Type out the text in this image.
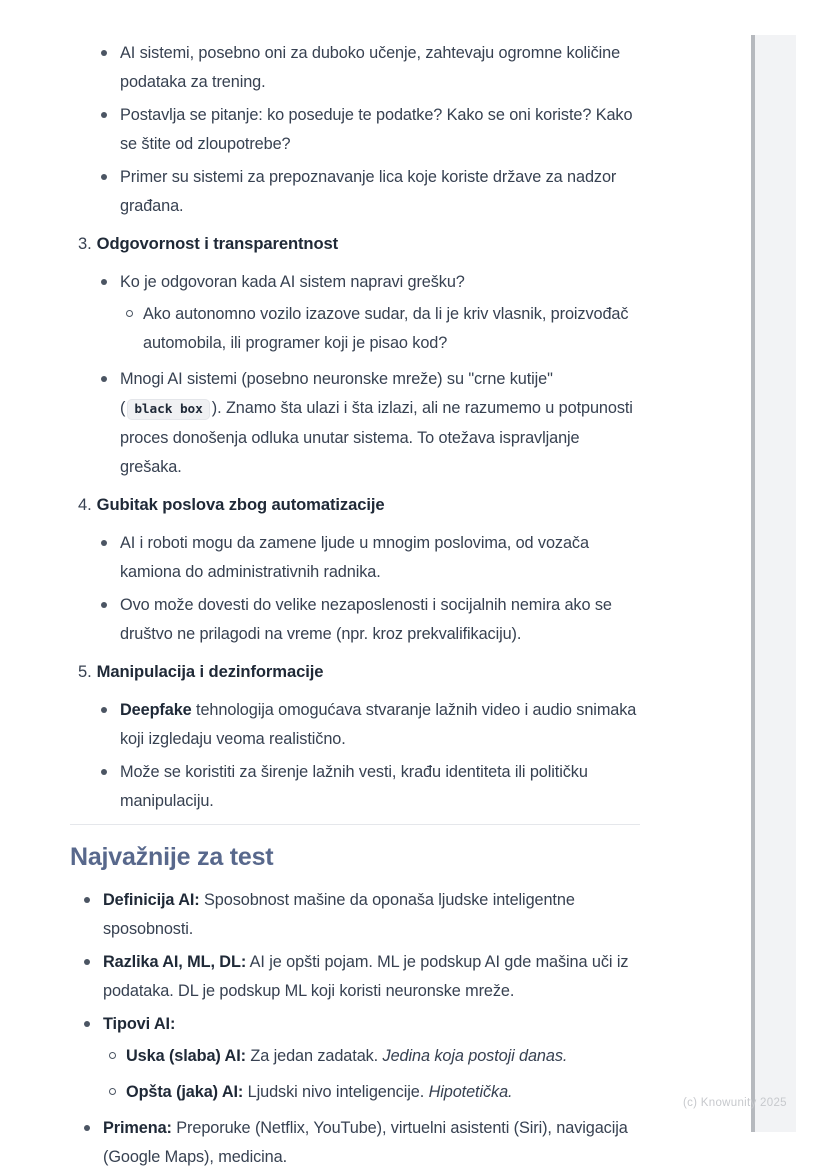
AI sistemi, posebno oni za duboko učenje, zahtevaju ogromne količine podataka za trening.
Postavlja se pitanje: ko poseduje te podatke? Kako se oni koriste? Kako se štite od zloupotrebe?
Primer su sistemi za prepoznavanje lica koje koriste države za nadzor građana.
3. Odgovornost i transparentnost
Ko je odgovoran kada AI sistem napravi grešku?
Ako autonomno vozilo izazove sudar, da li je kriv vlasnik, proizvođač automobila, ili programer koji je pisao kod?
Mnogi AI sistemi (posebno neuronske mreže) su "crne kutije" ( black box ). Znamo šta ulazi i šta izlazi, ali ne razumemo u potpunosti proces donošenja odluka unutar sistema. To otežava ispravljanje grešaka.
4. Gubitak poslova zbog automatizacije
AI i roboti mogu da zamene ljude u mnogim poslovima, od vozača kamiona do administrativnih radnika.
Ovo može dovesti do velike nezaposlenosti i socijalnih nemira ako se društvo ne prilagodi na vreme (npr. kroz prekvalifikaciju).
5. Manipulacija i dezinformacije
Deepfake tehnologija omogućava stvaranje lažnih video i audio snimaka koji izgledaju veoma realistično.
Može se koristiti za širenje lažnih vesti, krađu identiteta ili političku manipulaciju.
Najvažnije za test
Definicija AI: Sposobnost mašine da oponaša ljudske inteligentne sposobnosti.
Razlika AI, ML, DL: AI je opšti pojam. ML je podskup AI gde mašina uči iz podataka. DL je podskup ML koji koristi neuronske mreže.
Tipovi AI:
Uska (slaba) AI: Za jedan zadatak. Jedina koja postoji danas.
Opšta (jaka) AI: Ljudski nivo inteligencije. Hipotetička.
Primena: Preporuke (Netflix, YouTube), virtuelni asistenti (Siri), navigacija (Google Maps), medicina.
(c) Knowunity 2025
